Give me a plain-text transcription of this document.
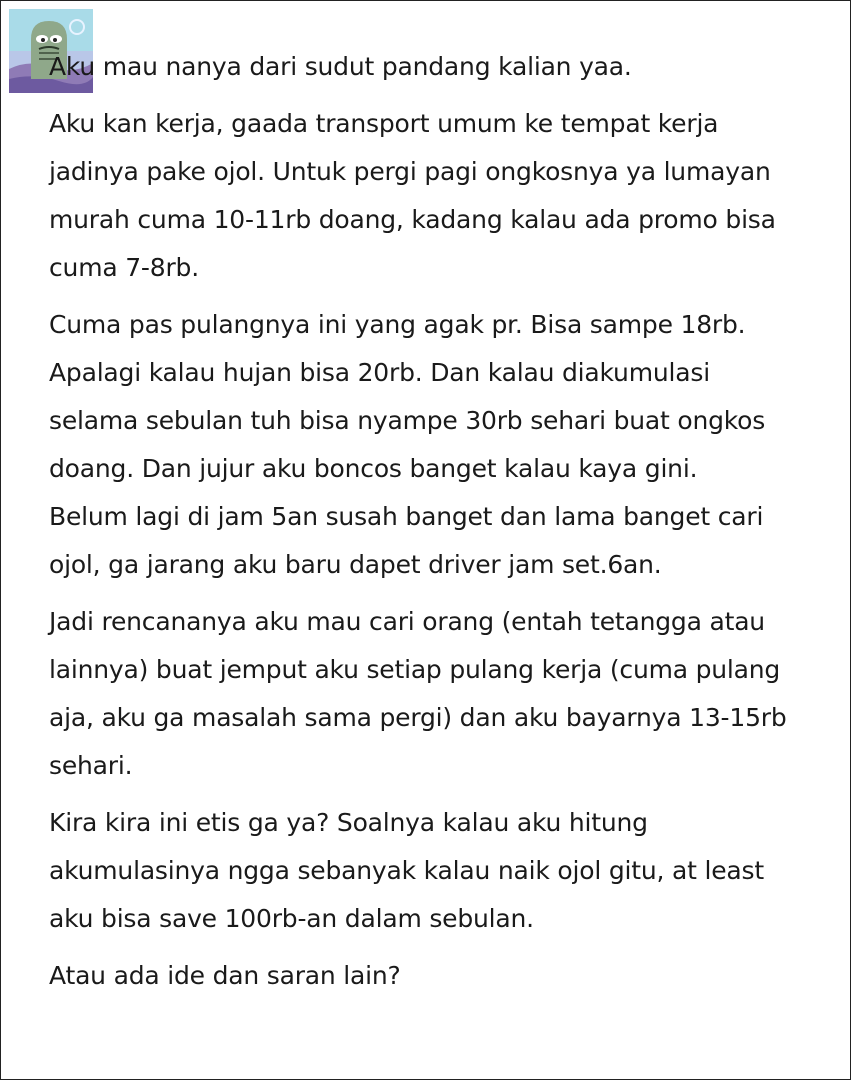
Aku mau nanya dari sudut pandang kalian yaa.

Aku kan kerja, gaada transport umum ke tempat kerja
jadinya pake ojol. Untuk pergi pagi ongkosnya ya lumayan
murah cuma 10-11rb doang, kadang kalau ada promo bisa
cuma 7-8rb.

Cuma pas pulangnya ini yang agak pr. Bisa sampe 18rb.
Apalagi kalau hujan bisa 20rb. Dan kalau diakumulasi
selama sebulan tuh bisa nyampe 30rb sehari buat ongkos
doang. Dan jujur aku boncos banget kalau kaya gini.
Belum lagi di jam 5an susah banget dan lama banget cari
ojol, ga jarang aku baru dapet driver jam set.6an.

Jadi rencananya aku mau cari orang (entah tetangga atau
lainnya) buat jemput aku setiap pulang kerja (cuma pulang
aja, aku ga masalah sama pergi) dan aku bayarnya 13-15rb
sehari.

Kira kira ini etis ga ya? Soalnya kalau aku hitung
akumulasinya ngga sebanyak kalau naik ojol gitu, at least
aku bisa save 100rb-an dalam sebulan.

Atau ada ide dan saran lain?
